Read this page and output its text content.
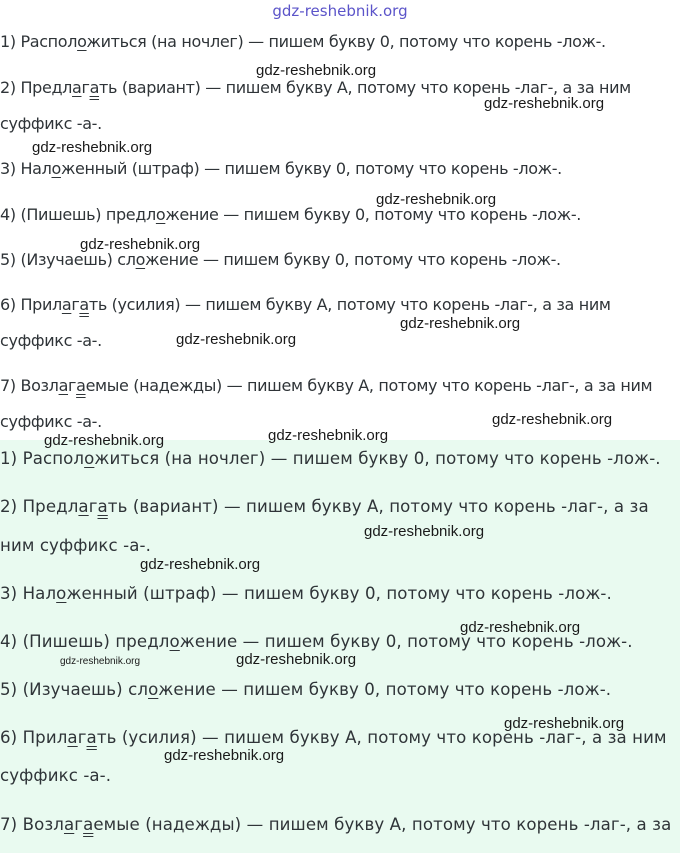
gdz-reshebnik.org
1) Расположиться (на ночлег) — пишем букву 0, потому что корень -лож-.
2) Предлагать (вариант) — пишем букву А, потому что корень -лаг-, а за ним
суффикс -а-.
3) Наложенный (штраф) — пишем букву 0, потому что корень -лож-.
4) (Пишешь) предложение — пишем букву 0, потому что корень -лож-.
5) (Изучаешь) сложение — пишем букву 0, потому что корень -лож-.
6) Прилагать (усилия) — пишем букву А, потому что корень -лаг-, а за ним
суффикс -а-.
7) Возлагаемые (надежды) — пишем букву А, потому что корень -лаг-, а за ним
суффикс -а-.
1) Расположиться (на ночлег) — пишем букву 0, потому что корень -лож-.
2) Предлагать (вариант) — пишем букву А, потому что корень -лаг-, а за
ним суффикс -а-.
3) Наложенный (штраф) — пишем букву 0, потому что корень -лож-.
4) (Пишешь) предложение — пишем букву 0, потому что корень -лож-.
5) (Изучаешь) сложение — пишем букву 0, потому что корень -лож-.
6) Прилагать (усилия) — пишем букву А, потому что корень -лаг-, а за ним
суффикс -а-.
7) Возлагаемые (надежды) — пишем букву А, потому что корень -лаг-, а за
gdz-reshebnik.org
gdz-reshebnik.org
gdz-reshebnik.org
gdz-reshebnik.org
gdz-reshebnik.org
gdz-reshebnik.org
gdz-reshebnik.org
gdz-reshebnik.org
gdz-reshebnik.org	gdz-reshebnik.org
gdz-reshebnik.org
gdz-reshebnik.org
gdz-reshebnik.org
gdz-reshebnik.org	gdz-reshebnik.org
gdz-reshebnik.org
gdz-reshebnik.org
